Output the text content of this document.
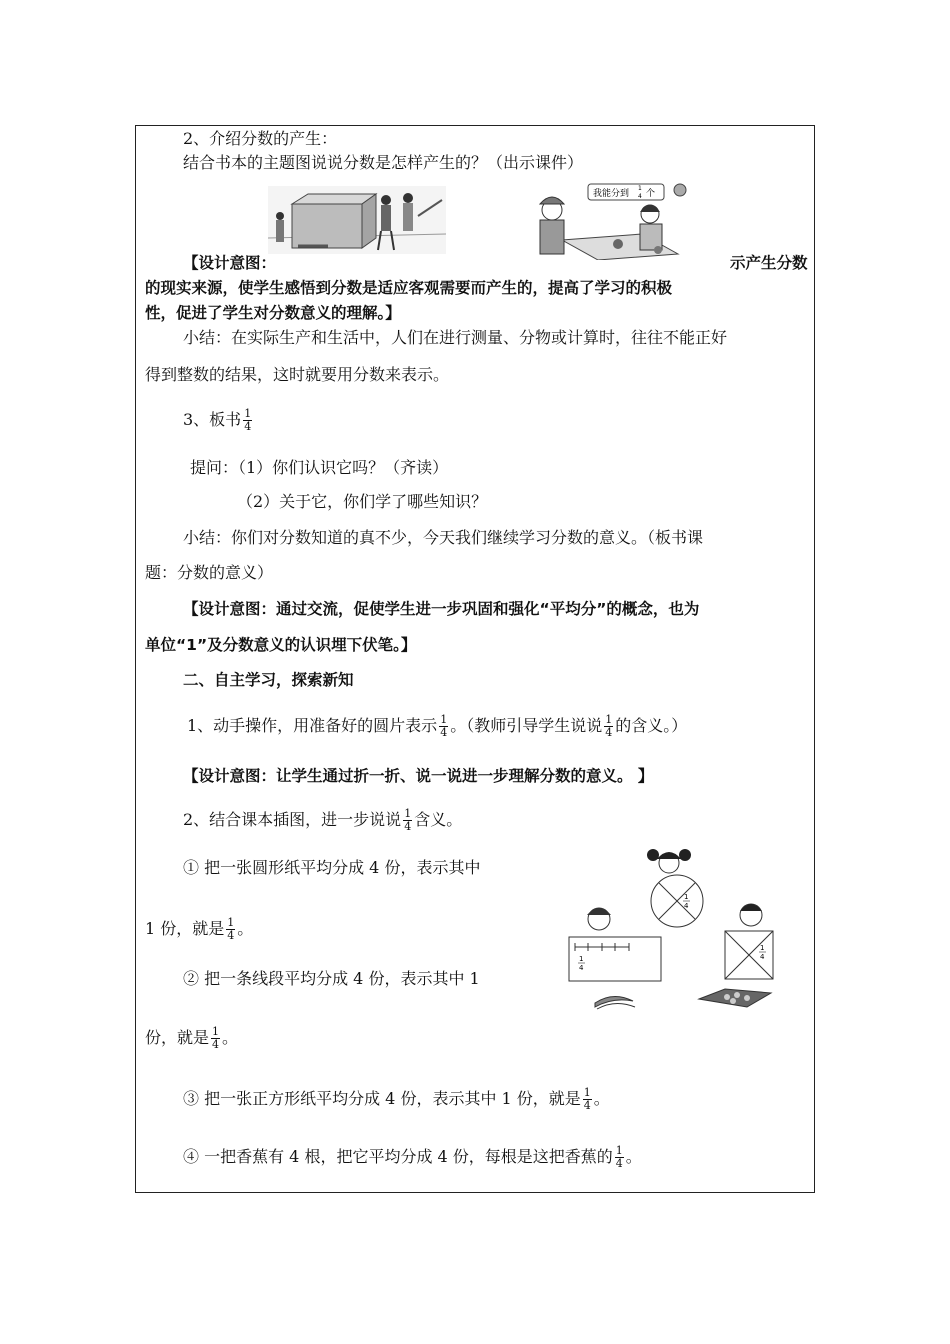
2、介绍分数的产生：
结合书本的主题图说说分数是怎样产生的？（出示课件）
我能分到
1
4 个
【设计意图：	示产生分数
的现实来源，使学生感悟到分数是适应客观需要而产生的，提高了学习的积极
性，促进了学生对分数意义的理解。】
小结：在实际生产和生活中，人们在进行测量、分物或计算时，往往不能正好
得到整数的结果，这时就要用分数来表示。
3、板书 $\frac{1}{4}$
提问：（1）你们认识它吗？（齐读）
（2）关于它，你们学了哪些知识？
小结：你们对分数知道的真不少，今天我们继续学习分数的意义。（板书课
题：分数的意义）
【设计意图：通过交流，促使学生进一步巩固和强化“平均分”的概念，也为
单位“1”及分数意义的认识埋下伏笔。】
二、自主学习，探索新知
1、动手操作，用准备好的圆片表示 $\frac{1}{4}$ 。（教师引导学生说说 $\frac{1}{4}$ 的含义。）
【设计意图：让学生通过折一折、说一说进一步理解分数的意义。 】
2、结合课本插图，进一步说说 $\frac{1}{4}$ 含义。
① 把一张圆形纸平均分成 4 份，表示其中
1 份，就是 $\frac{1}{4}$ 。
② 把一条线段平均分成 4 份，表示其中 1
份，就是 $\frac{1}{4}$ 。
③ 把一张正方形纸平均分成 4 份，表示其中 1 份，就是 $\frac{1}{4}$ 。
④ 一把香蕉有 4 根，把它平均分成 4 份，每根是这把香蕉的 $\frac{1}{4}$ 。
1
4
1
4
1
4
